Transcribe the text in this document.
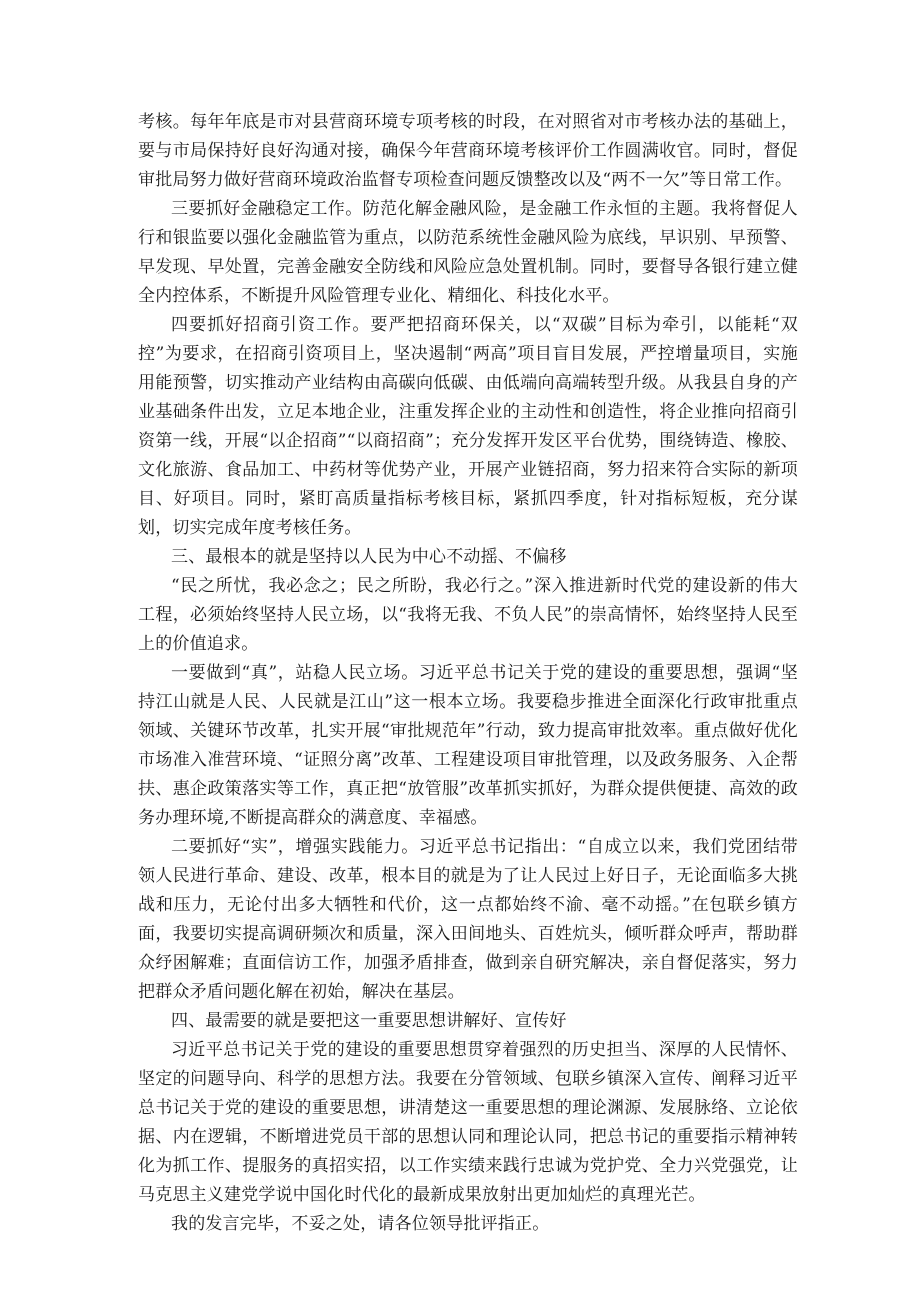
考核。每年年底是市对县营商环境专项考核的时段，在对照省对市考核办法的基础上，要与市局保持好良好沟通对接，确保今年营商环境考核评价工作圆满收官。同时，督促审批局努力做好营商环境政治监督专项检查问题反馈整改以及“两不一欠”等日常工作。

三要抓好金融稳定工作。防范化解金融风险，是金融工作永恒的主题。我将督促人行和银监要以强化金融监管为重点，以防范系统性金融风险为底线，早识别、早预警、早发现、早处置，完善金融安全防线和风险应急处置机制。同时，要督导各银行建立健全内控体系，不断提升风险管理专业化、精细化、科技化水平。

四要抓好招商引资工作。要严把招商环保关，以“双碳”目标为牵引，以能耗“双控”为要求，在招商引资项目上，坚决遏制“两高”项目盲目发展，严控增量项目，实施用能预警，切实推动产业结构由高碳向低碳、由低端向高端转型升级。从我县自身的产业基础条件出发，立足本地企业，注重发挥企业的主动性和创造性，将企业推向招商引资第一线，开展“以企招商”“以商招商”；充分发挥开发区平台优势，围绕铸造、橡胶、文化旅游、食品加工、中药材等优势产业，开展产业链招商，努力招来符合实际的新项目、好项目。同时，紧盯高质量指标考核目标，紧抓四季度，针对指标短板，充分谋划，切实完成年度考核任务。

三、最根本的就是坚持以人民为中心不动摇、不偏移

“民之所忧，我必念之；民之所盼，我必行之。”深入推进新时代党的建设新的伟大工程，必须始终坚持人民立场，以“我将无我、不负人民”的崇高情怀，始终坚持人民至上的价值追求。

一要做到“真”，站稳人民立场。习近平总书记关于党的建设的重要思想，强调“坚持江山就是人民、人民就是江山”这一根本立场。我要稳步推进全面深化行政审批重点领域、关键环节改革，扎实开展“审批规范年”行动，致力提高审批效率。重点做好优化市场准入准营环境、“证照分离”改革、工程建设项目审批管理，以及政务服务、入企帮扶、惠企政策落实等工作，真正把“放管服”改革抓实抓好，为群众提供便捷、高效的政务办理环境,不断提高群众的满意度、幸福感。

二要抓好“实”，增强实践能力。习近平总书记指出：“自成立以来，我们党团结带领人民进行革命、建设、改革，根本目的就是为了让人民过上好日子，无论面临多大挑战和压力，无论付出多大牺牲和代价，这一点都始终不渝、毫不动摇。”在包联乡镇方面，我要切实提高调研频次和质量，深入田间地头、百姓炕头，倾听群众呼声，帮助群众纾困解难；直面信访工作，加强矛盾排查，做到亲自研究解决，亲自督促落实，努力把群众矛盾问题化解在初始，解决在基层。

四、最需要的就是要把这一重要思想讲解好、宣传好

习近平总书记关于党的建设的重要思想贯穿着强烈的历史担当、深厚的人民情怀、坚定的问题导向、科学的思想方法。我要在分管领域、包联乡镇深入宣传、阐释习近平总书记关于党的建设的重要思想，讲清楚这一重要思想的理论渊源、发展脉络、立论依据、内在逻辑，不断增进党员干部的思想认同和理论认同，把总书记的重要指示精神转化为抓工作、提服务的真招实招，以工作实绩来践行忠诚为党护党、全力兴党强党，让马克思主义建党学说中国化时代化的最新成果放射出更加灿烂的真理光芒。

我的发言完毕，不妥之处，请各位领导批评指正。
